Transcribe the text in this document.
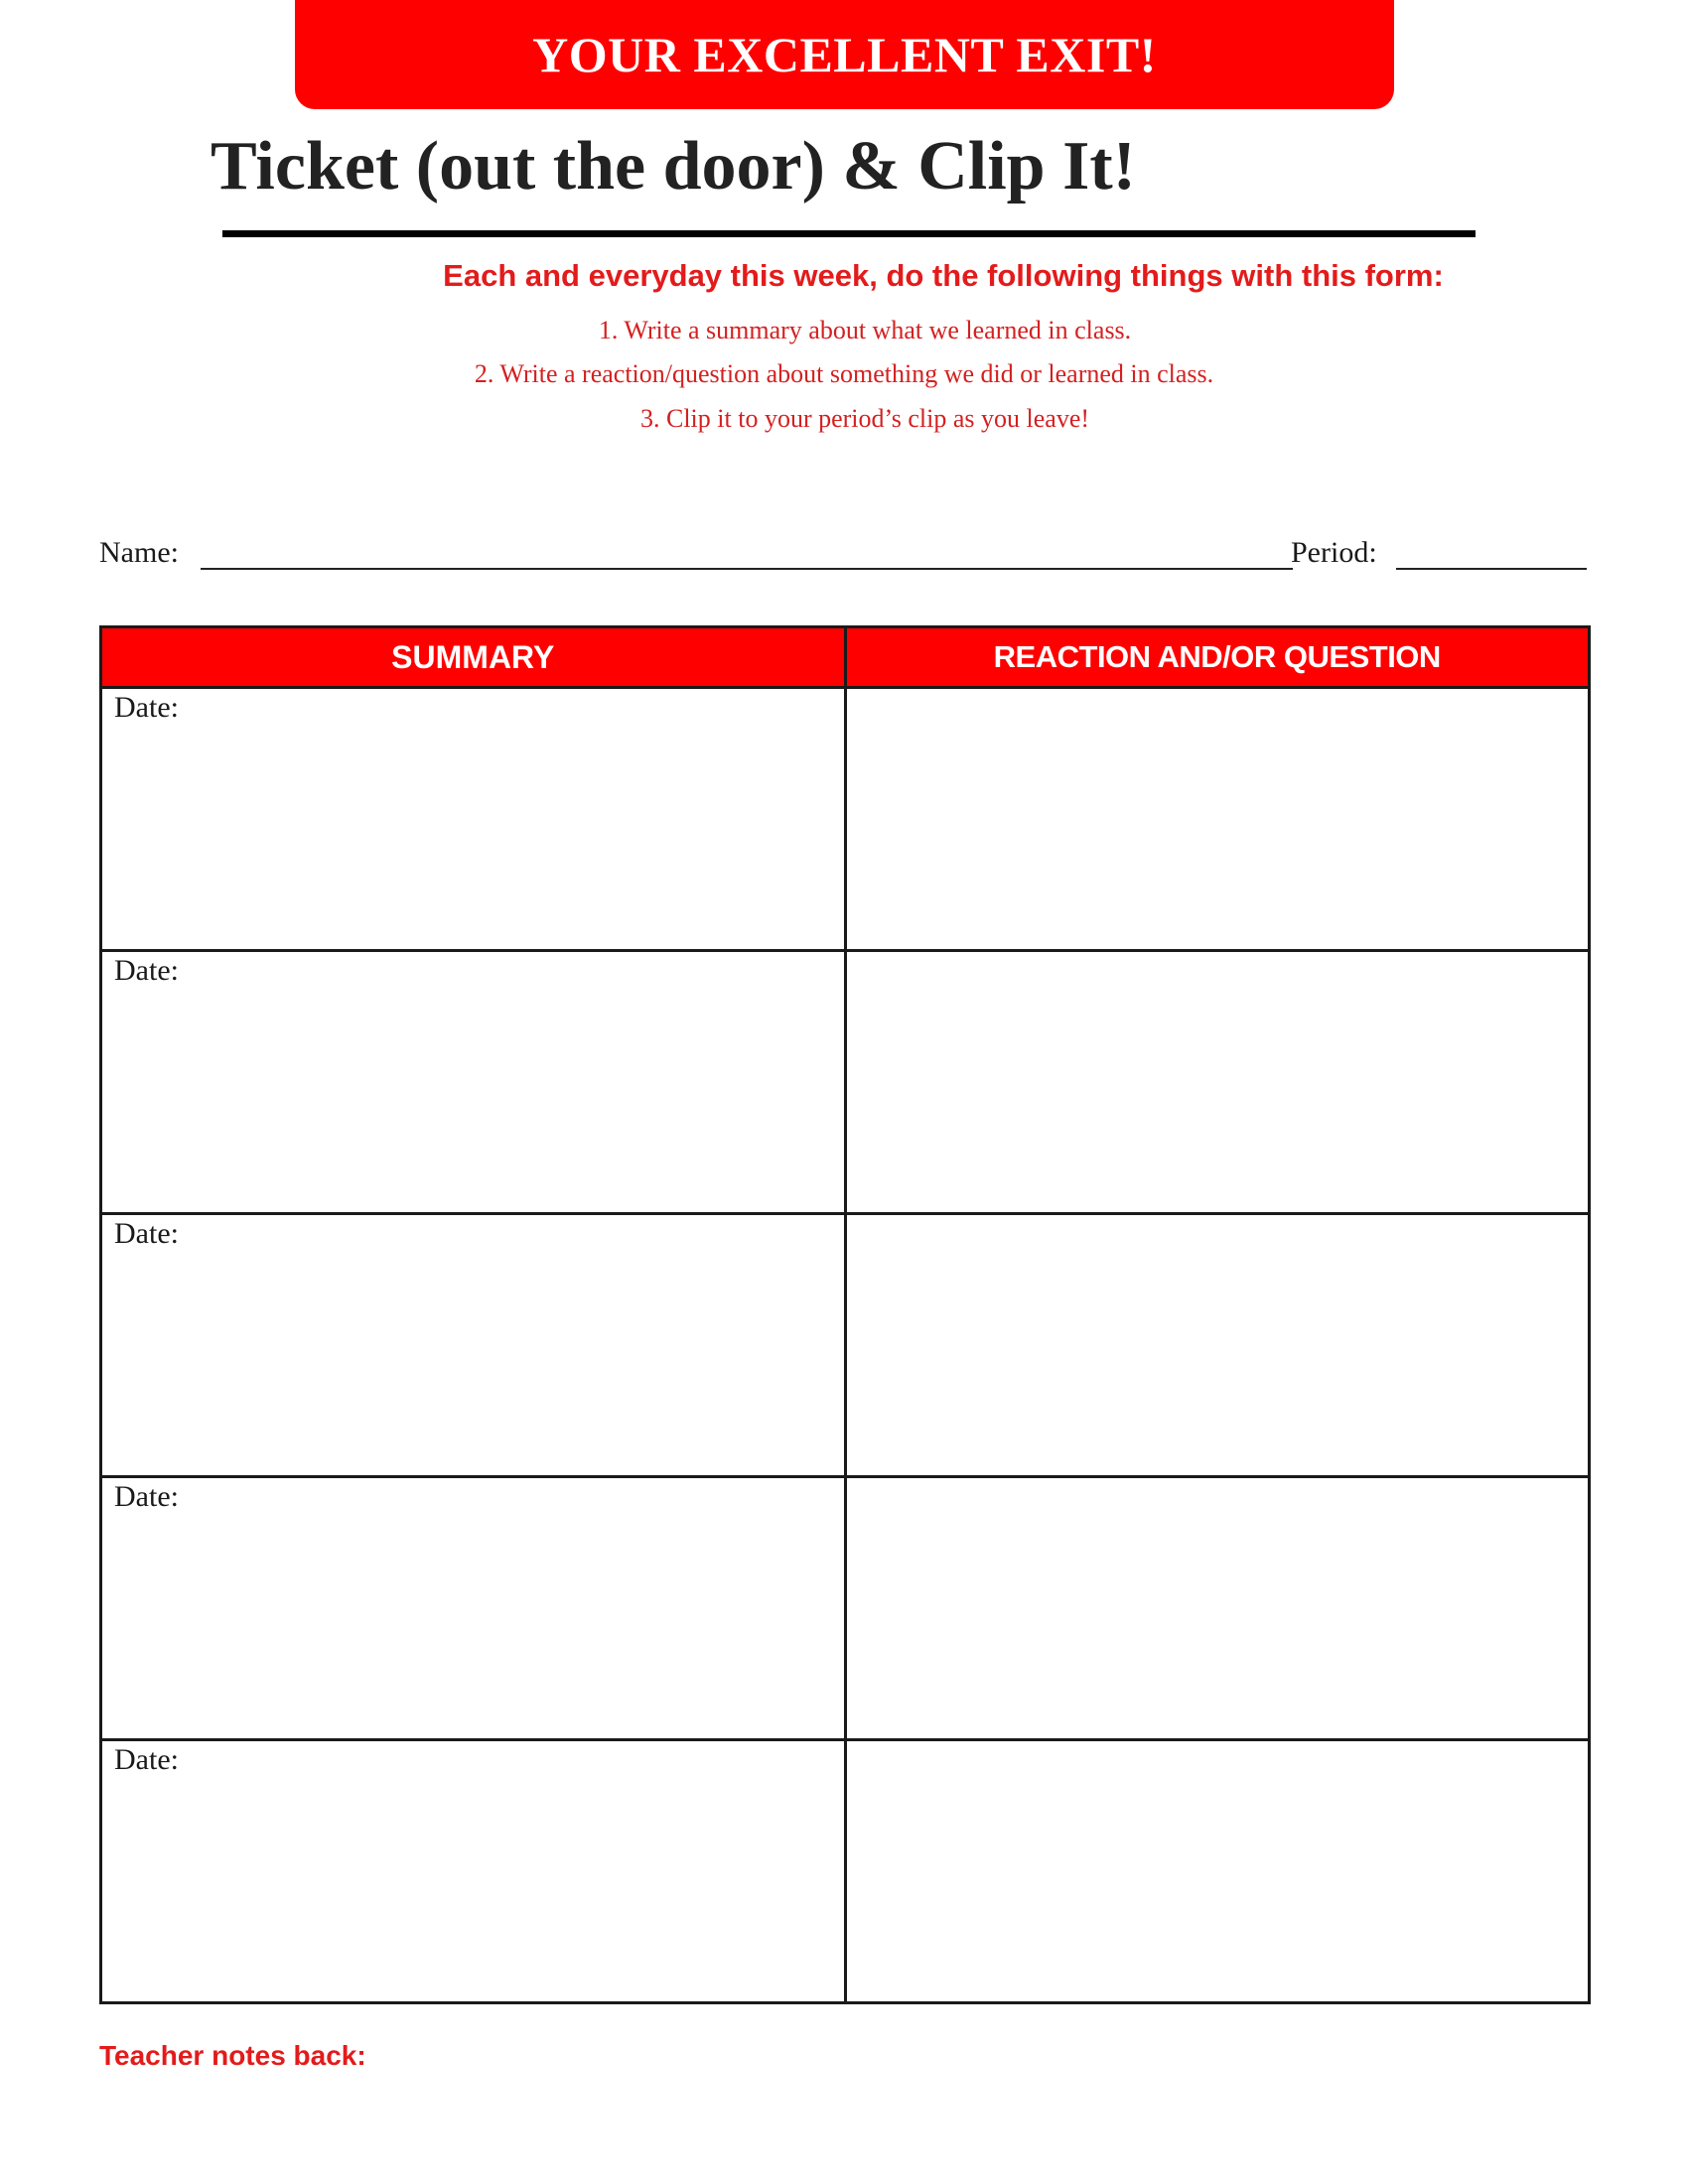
YOUR EXCELLENT EXIT!
Ticket (out the door) & Clip It!
Each and everyday this week, do the following things with this form:
1. Write a summary about what we learned in class.
2. Write a reaction/question about something we did or learned in class.
3. Clip it to your period’s clip as you leave!
Name:	Period:
SUMMARY	REACTION AND/OR QUESTION

Date:	

Date:	

Date:	

Date:	

Date:	

Teacher notes back:
